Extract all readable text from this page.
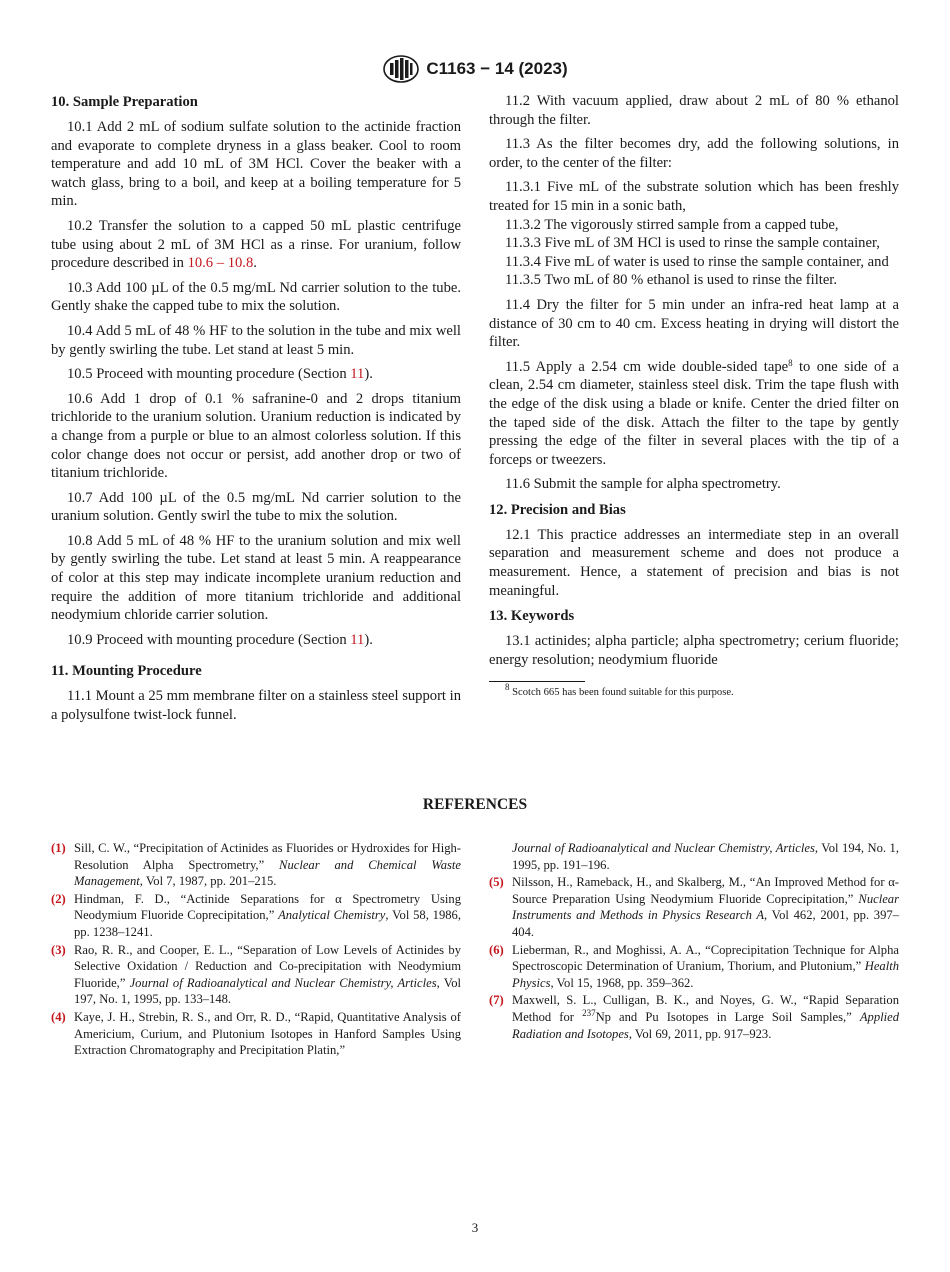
C1163 − 14 (2023)
10. Sample Preparation

10.1 Add 2 mL of sodium sulfate solution to the actinide fraction and evaporate to complete dryness in a glass beaker. Cool to room temperature and add 10 mL of 3M HCl. Cover the beaker with a watch glass, bring to a boil, and keep at a boiling temperature for 5 min.

10.2 Transfer the solution to a capped 50 mL plastic centrifuge tube using about 2 mL of 3M HCl as a rinse. For uranium, follow procedure described in 10.6 – 10.8.

10.3 Add 100 µL of the 0.5 mg/mL Nd carrier solution to the tube. Gently shake the capped tube to mix the solution.

10.4 Add 5 mL of 48 % HF to the solution in the tube and mix well by gently swirling the tube. Let stand at least 5 min.

10.5 Proceed with mounting procedure (Section 11).

10.6 Add 1 drop of 0.1 % safranine-0 and 2 drops titanium trichloride to the uranium solution. Uranium reduction is indicated by a change from a purple or blue to an almost colorless solution. If this color change does not occur or persist, add another drop or two of titanium trichloride.

10.7 Add 100 µL of the 0.5 mg/mL Nd carrier solution to the uranium solution. Gently swirl the tube to mix the solution.

10.8 Add 5 mL of 48 % HF to the uranium solution and mix well by gently swirling the tube. Let stand at least 5 min. A reappearance of color at this step may indicate incomplete uranium reduction and require the addition of more titanium trichloride and additional neodymium chloride carrier solution.

10.9 Proceed with mounting procedure (Section 11).

11. Mounting Procedure

11.1 Mount a 25 mm membrane filter on a stainless steel support in a polysulfone twist-lock funnel.

11.2 With vacuum applied, draw about 2 mL of 80 % ethanol through the filter.

11.3 As the filter becomes dry, add the following solutions, in order, to the center of the filter:

11.3.1 Five mL of the substrate solution which has been freshly treated for 15 min in a sonic bath,

11.3.2 The vigorously stirred sample from a capped tube,

11.3.3 Five mL of 3M HCl is used to rinse the sample container,

11.3.4 Five mL of water is used to rinse the sample container, and

11.3.5 Two mL of 80 % ethanol is used to rinse the filter.

11.4 Dry the filter for 5 min under an infra-red heat lamp at a distance of 30 cm to 40 cm. Excess heating in drying will distort the filter.

11.5 Apply a 2.54 cm wide double-sided tape$^8$ to one side of a clean, 2.54 cm diameter, stainless steel disk. Trim the tape flush with the edge of the disk using a blade or knife. Center the dried filter on the taped side of the disk. Attach the filter to the tape by gently pressing the edge of the filter in several places with the tip of a forceps or tweezers.

11.6 Submit the sample for alpha spectrometry.

12. Precision and Bias

12.1 This practice addresses an intermediate step in an overall separation and measurement scheme and does not produce a measurement. Hence, a statement of precision and bias is not meaningful.

13. Keywords

13.1 actinides; alpha particle; alpha spectrometry; cerium fluoride; energy resolution; neodymium fluoride

$^8$ Scotch 665 has been found suitable for this purpose.

REFERENCES
(1) Sill, C. W., “Precipitation of Actinides as Fluorides or Hydroxides for High-Resolution Alpha Spectrometry,” Nuclear and Chemical Waste Management, Vol 7, 1987, pp. 201–215.
(2) Hindman, F. D., “Actinide Separations for α Spectrometry Using Neodymium Fluoride Coprecipitation,” Analytical Chemistry, Vol 58, 1986, pp. 1238–1241.
(3) Rao, R. R., and Cooper, E. L., “Separation of Low Levels of Actinides by Selective Oxidation / Reduction and Co-precipitation with Neodymium Fluoride,” Journal of Radioanalytical and Nuclear Chemistry, Articles, Vol 197, No. 1, 1995, pp. 133–148.
(4) Kaye, J. H., Strebin, R. S., and Orr, R. D., “Rapid, Quantitative Analysis of Americium, Curium, and Plutonium Isotopes in Hanford Samples Using Extraction Chromatography and Precipitation Platin,”
Journal of Radioanalytical and Nuclear Chemistry, Articles, Vol 194, No. 1, 1995, pp. 191–196.
(5) Nilsson, H., Rameback, H., and Skalberg, M., “An Improved Method for α-Source Preparation Using Neodymium Fluoride Coprecipitation,” Nuclear Instruments and Methods in Physics Research A, Vol 462, 2001, pp. 397–404.
(6) Lieberman, R., and Moghissi, A. A., “Coprecipitation Technique for Alpha Spectroscopic Determination of Uranium, Thorium, and Plutonium,” Health Physics, Vol 15, 1968, pp. 359–362.
(7) Maxwell, S. L., Culligan, B. K., and Noyes, G. W., “Rapid Separation Method for $^{237}$Np and Pu Isotopes in Large Soil Samples,” Applied Radiation and Isotopes, Vol 69, 2011, pp. 917–923.
3
